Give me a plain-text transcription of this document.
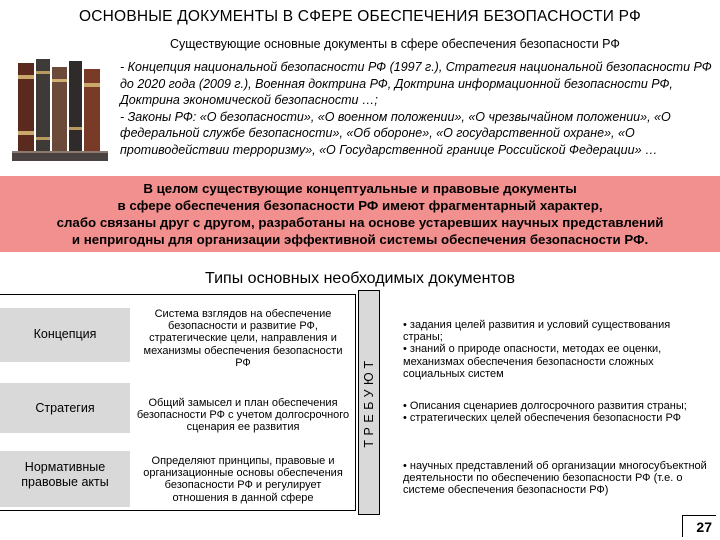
ОСНОВНЫЕ ДОКУМЕНТЫ В СФЕРЕ ОБЕСПЕЧЕНИЯ БЕЗОПАСНОСТИ РФ
Существующие основные документы в сфере обеспечения безопасности РФ

- Концепция национальной безопасности РФ (1997 г.), Стратегия национальной безопасности РФ до 2020 года (2009 г.), Военная доктрина РФ, Доктрина информационной безопасности РФ, Доктрина экономической безопасности …;

- Законы РФ: «О безопасности», «О военном положении», «О чрезвычайном положении», «О федеральной службе безопасности», «Об обороне», «О государственной охране», «О противодействии терроризму», «О Государственной границе Российской Федерации» …

В целом существующие концептуальные и правовые документы
в сфере обеспечения безопасности РФ имеют фрагментарный характер,
слабо связаны друг с другом, разработаны на основе устаревших научных представлений
и непригодны для организации эффективной системы обеспечения безопасности РФ.
Типы основных необходимых документов
Концепция
Стратегия
Нормативные правовые акты
Система взглядов на обеспечение безопасности и развитие РФ, стратегические цели, направления и механизмы обеспечения безопасности РФ
Общий замысел и план обеспечения безопасности РФ с учетом долгосрочного сценария ее развития
Определяют принципы, правовые и организационные основы обеспечения безопасности РФ и регулирует отношения в данной сфере
ТРЕБУЮТ
• задания целей развития и условий существования страны;
• знаний о природе опасности, методах ее оценки, механизмах обеспечения безопасности сложных социальных систем
• Описания сценариев долгосрочного развития страны;
• стратегических целей обеспечения безопасности РФ
• научных представлений об организации многосубъектной деятельности по обеспечению безопасности РФ (т.е. о системе обеспечения безопасности РФ)
27
